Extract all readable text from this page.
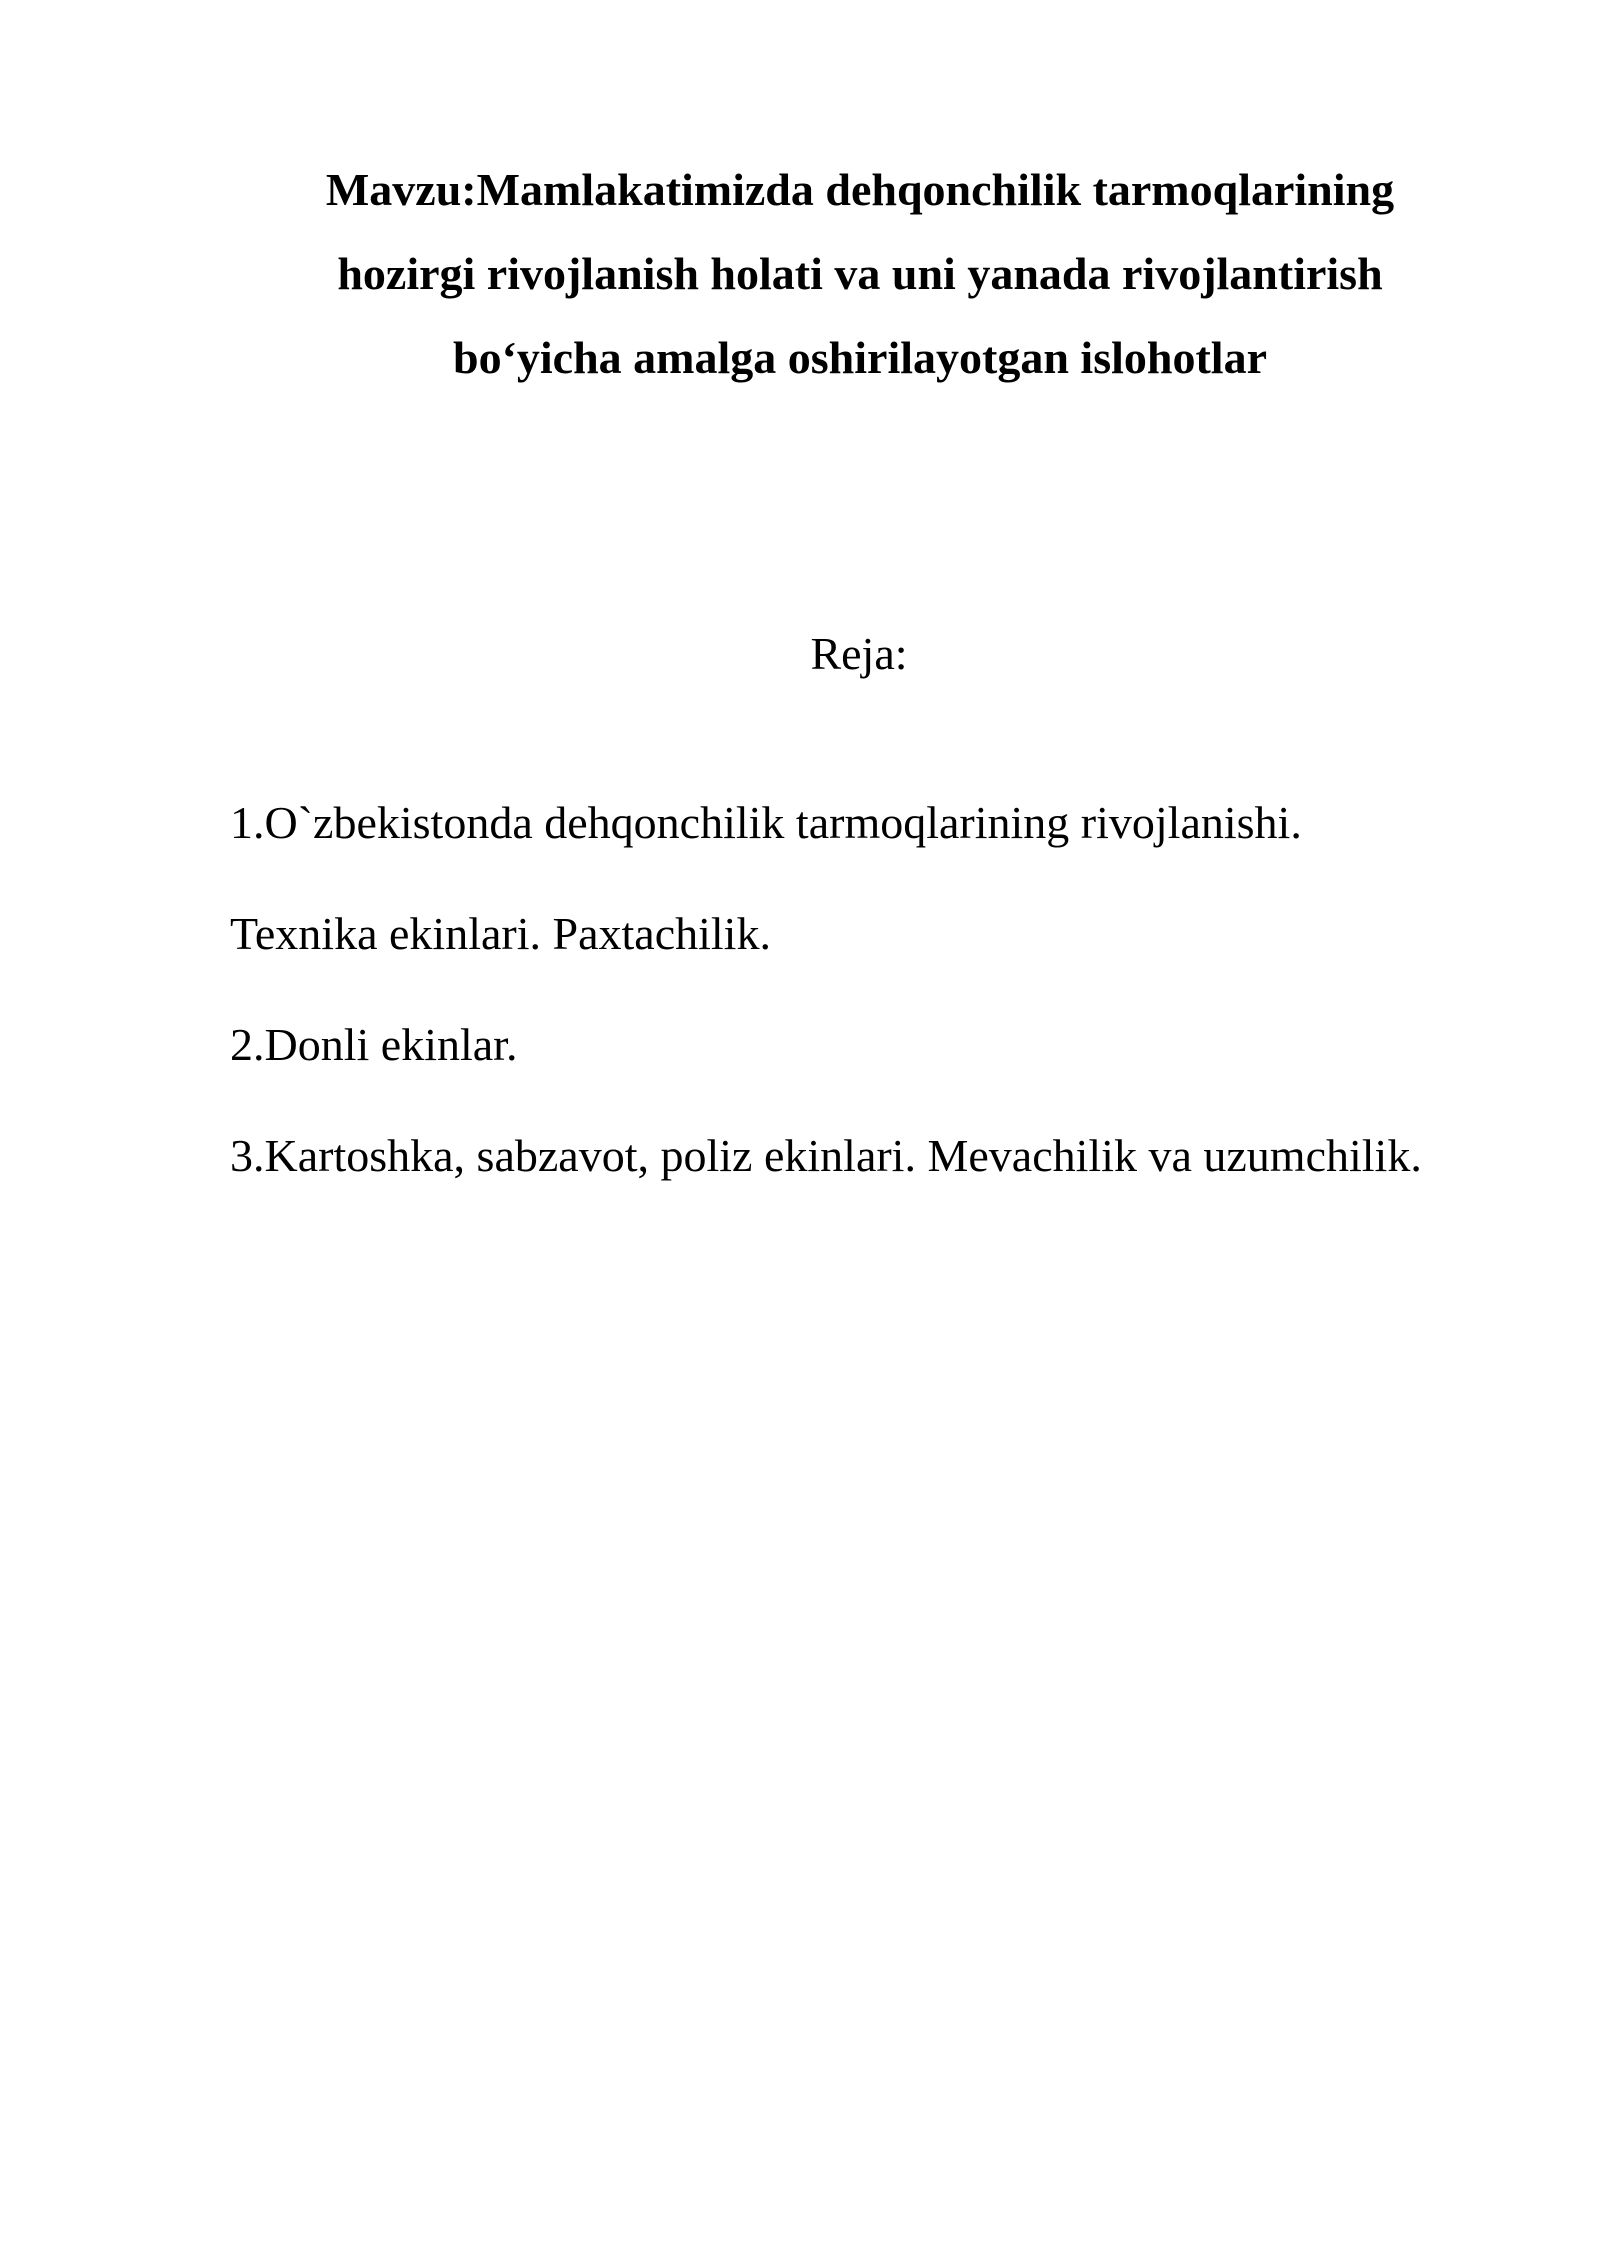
Mavzu:Mamlakatimizda dehqonchilik tarmoqlarining
hozirgi rivojlanish holati va uni yanada rivojlantirish
bo‘yicha amalga oshirilayotgan islohotlar
Reja:
1.O`zbekistonda dehqonchilik tarmoqlarining rivojlanishi.
Texnika ekinlari. Paxtachilik.
2.Donli ekinlar.
3.Kartoshka, sabzavot, poliz ekinlari. Mevachilik va uzumchilik.
